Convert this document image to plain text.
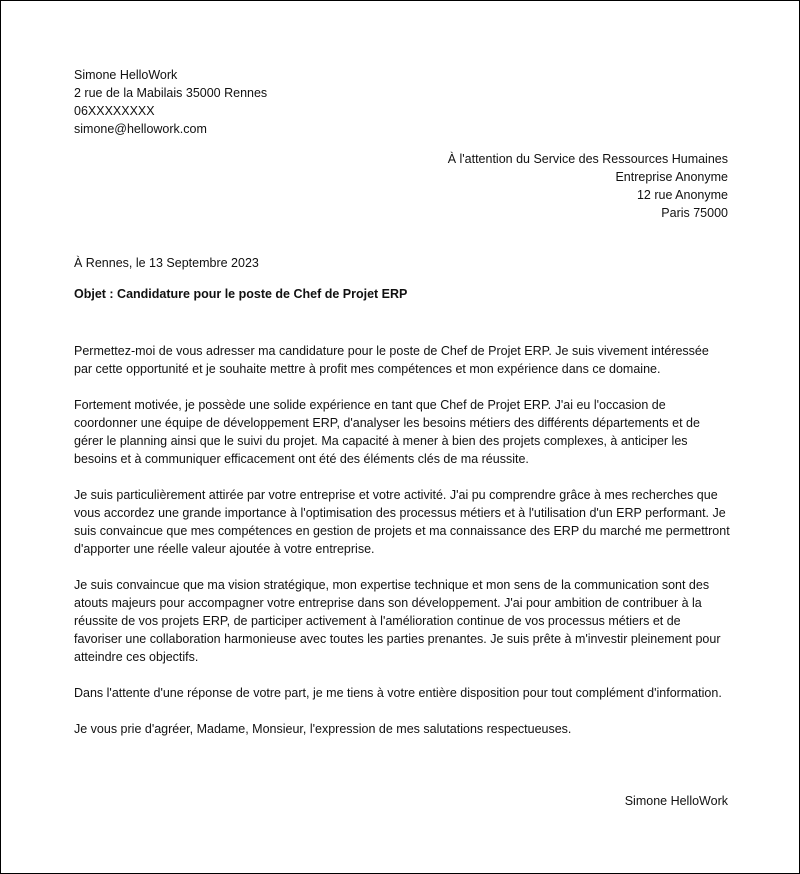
Simone HelloWork
2 rue de la Mabilais 35000 Rennes
06XXXXXXXX
simone@hellowork.com
À l'attention du Service des Ressources Humaines
Entreprise Anonyme
12 rue Anonyme
Paris 75000
À Rennes, le 13 Septembre 2023
Objet : Candidature pour le poste de Chef de Projet ERP

Permettez-moi de vous adresser ma candidature pour le poste de Chef de Projet ERP. Je suis vivement intéressée par cette opportunité et je souhaite mettre à profit mes compétences et mon expérience dans ce domaine.

Fortement motivée, je possède une solide expérience en tant que Chef de Projet ERP. J'ai eu l'occasion de coordonner une équipe de développement ERP, d'analyser les besoins métiers des différents départements et de gérer le planning ainsi que le suivi du projet. Ma capacité à mener à bien des projets complexes, à anticiper les besoins et à communiquer efficacement ont été des éléments clés de ma réussite.

Je suis particulièrement attirée par votre entreprise et votre activité. J'ai pu comprendre grâce à mes recherches que vous accordez une grande importance à l'optimisation des processus métiers et à l'utilisation d'un ERP performant. Je suis convaincue que mes compétences en gestion de projets et ma connaissance des ERP du marché me permettront d'apporter une réelle valeur ajoutée à votre entreprise.

Je suis convaincue que ma vision stratégique, mon expertise technique et mon sens de la communication sont des atouts majeurs pour accompagner votre entreprise dans son développement. J'ai pour ambition de contribuer à la réussite de vos projets ERP, de participer activement à l'amélioration continue de vos processus métiers et de favoriser une collaboration harmonieuse avec toutes les parties prenantes. Je suis prête à m'investir pleinement pour atteindre ces objectifs.

Dans l'attente d'une réponse de votre part, je me tiens à votre entière disposition pour tout complément d'information.

Je vous prie d'agréer, Madame, Monsieur, l'expression de mes salutations respectueuses.

Simone HelloWork
